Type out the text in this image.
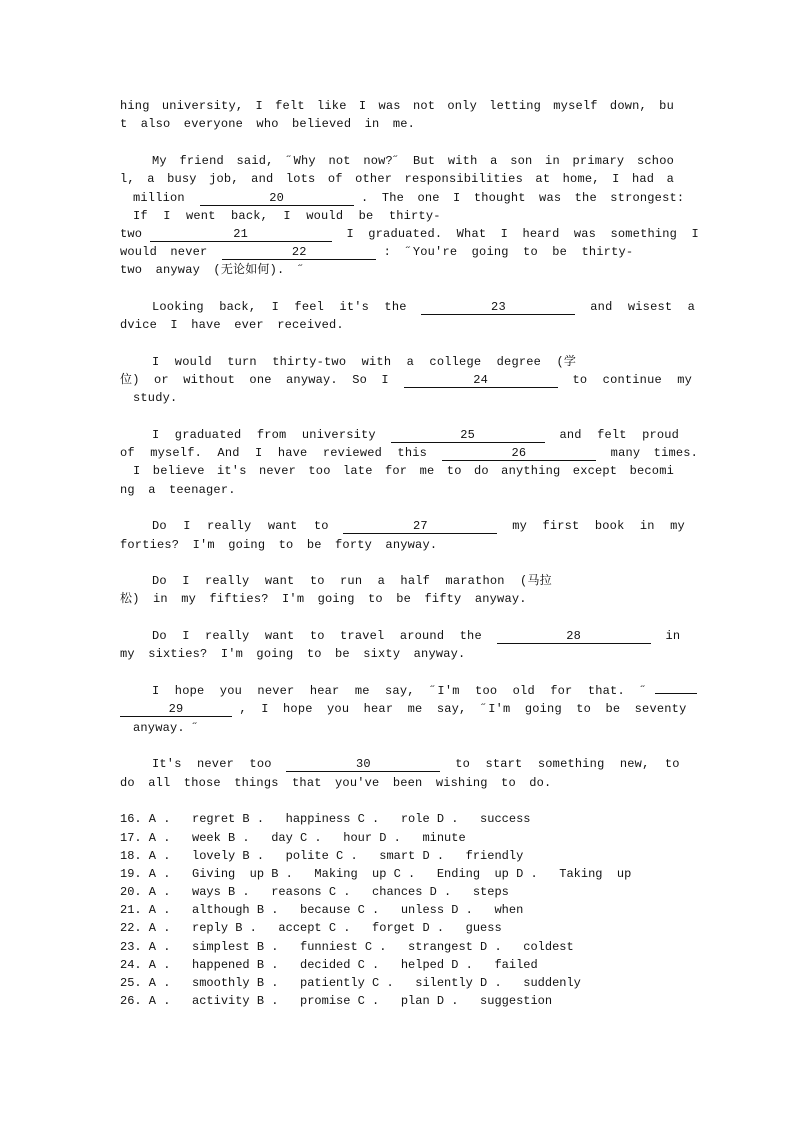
hing university, I felt like I was not only letting myself down, bu
t also everyone who believed in me.
My friend said, ˝Why not now?˝ But with a son in primary schoo
l, a busy job, and lots of other responsibilities at home, I had a
million	20	. The one I thought was the strongest:
If I went back, I would be thirty-
two	21	I graduated. What I heard was something I
would never	22	: ˝You're going to be thirty-
two anyway (无论如何). ˝
Looking back, I feel it's the	23	and wisest a
dvice I have ever received.
I would turn thirty-two with a college degree (学
位) or without one anyway. So I	24	to continue my
study.
I graduated from university	25	and felt proud
of myself. And I have reviewed this	26	many times.
I believe it's never too late for me to do anything except becomi
ng a teenager.
Do I really want to	27	my first book in my
forties? I'm going to be forty anyway.
Do I really want to run a half marathon (马拉
松) in my fifties? I'm going to be fifty anyway.
Do I really want to travel around the	28	in
my sixties? I'm going to be sixty anyway.
I hope you never hear me say, ˝I'm too old for that. ˝
29	, I hope you hear me say, ˝I'm going to be seventy
anyway. ˝
It's never too	30	to start something new, to
do all those things that you've been wishing to do.
16. A .   regret B .   happiness C .   role D .   success
17. A .   week B .   day C .   hour D .   minute
18. A .   lovely B .   polite C .   smart D .   friendly
19. A .   Giving  up B .   Making  up C .   Ending  up D .   Taking  up
20. A .   ways B .   reasons C .   chances D .   steps
21. A .   although B .   because C .   unless D .   when
22. A .   reply B .   accept C .   forget D .   guess
23. A .   simplest B .   funniest C .   strangest D .   coldest
24. A .   happened B .   decided C .   helped D .   failed
25. A .   smoothly B .   patiently C .   silently D .   suddenly
26. A .   activity B .   promise C .   plan D .   suggestion
